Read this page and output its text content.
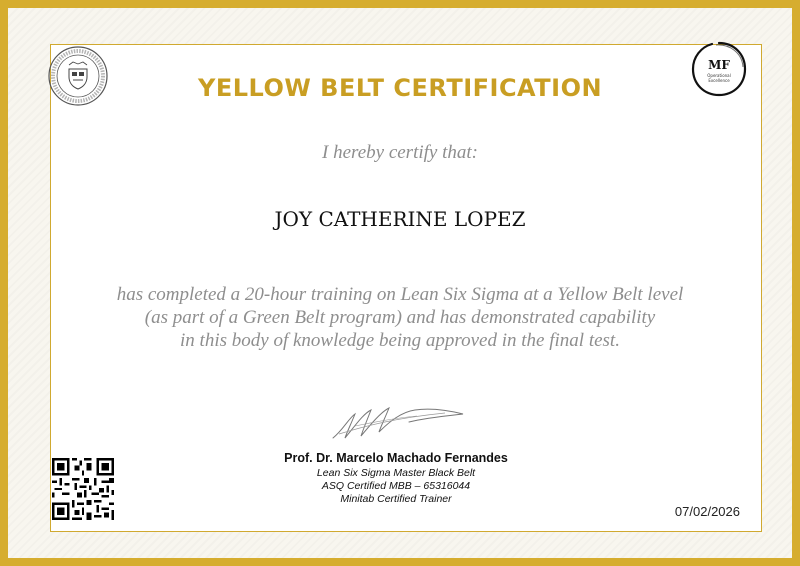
MF
Operational
Excellence
YELLOW BELT CERTIFICATION
I hereby certify that:
JOY CATHERINE LOPEZ
has completed a 20-hour training on Lean Six Sigma at a Yellow Belt level
(as part of a Green Belt program) and has demonstrated capability
in this body of knowledge being approved in the final test.
Prof. Dr. Marcelo Machado Fernandes
Lean Six Sigma Master Black Belt
ASQ Certified MBB – 65316044
Minitab Certified Trainer
07/02/2026
